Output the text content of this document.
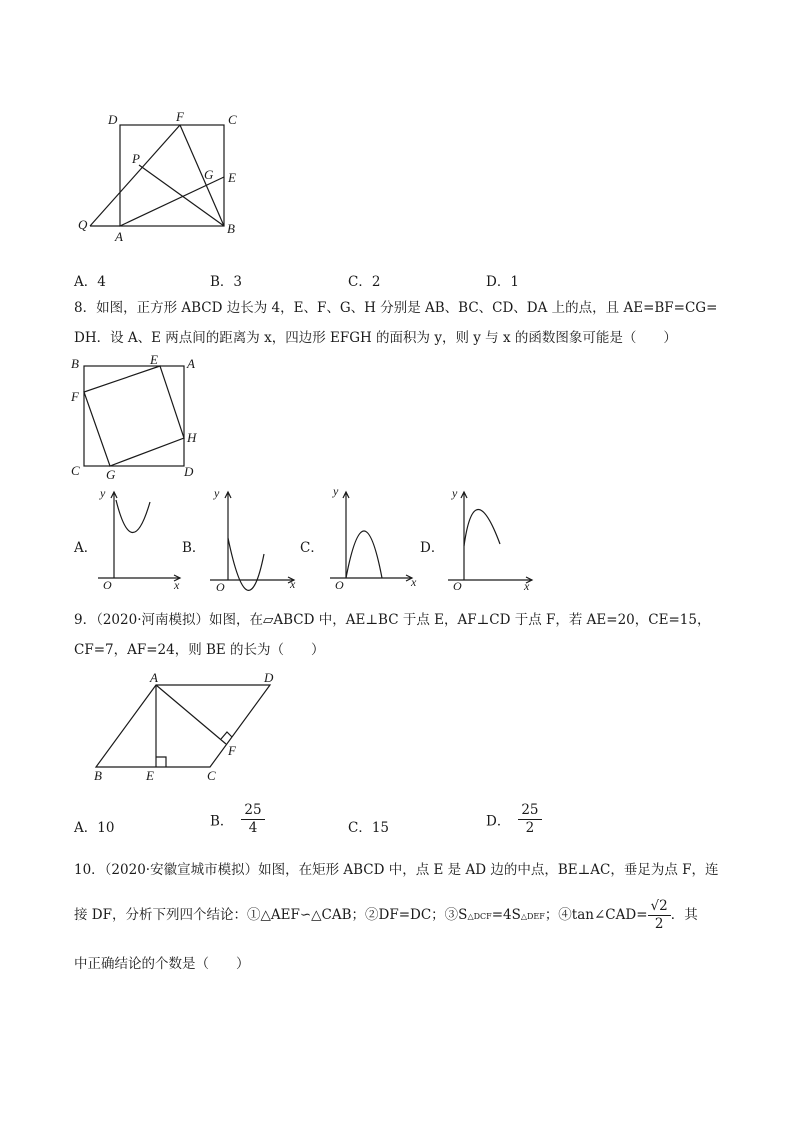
D	F	C
P
G E
Q
A
B
A．4	B．3	C．2	D．1
8．如图，正方形 ABCD 边长为 4，E、F、G、H 分别是 AB、BC、CD、DA 上的点，且 AE=BF=CG=
DH．设 A、E 两点间的距离为 x，四边形 EFGH 的面积为 y，则 y 与 x 的函数图象可能是（　　）
B	E A
F
H
C G	D
A．
y
x
O
B．
y
x
O
C．
y
x
O
D．
y
x
O
9．（2020·河南模拟）如图，在▱ABCD 中，AE⊥BC 于点 E，AF⊥CD 于点 F，若 AE=20，CE=15，
CF=7，AF=24，则 BE 的长为（　　）
A	D
F
B	E	C
A．10	B． $\frac{25}{4}$	C．15	D． $\frac{25}{2}$
10．（2020·安徽宣城市模拟）如图，在矩形 ABCD 中，点 E 是 AD 边的中点，BE⊥AC，垂足为点 F，连
接 DF，分析下列四个结论：①△AEF∽△CAB；②DF=DC；③S△DCF=4S△DEF；④tan∠CAD= $\frac{√2}{2}$ ．其
中正确结论的个数是（　　）
